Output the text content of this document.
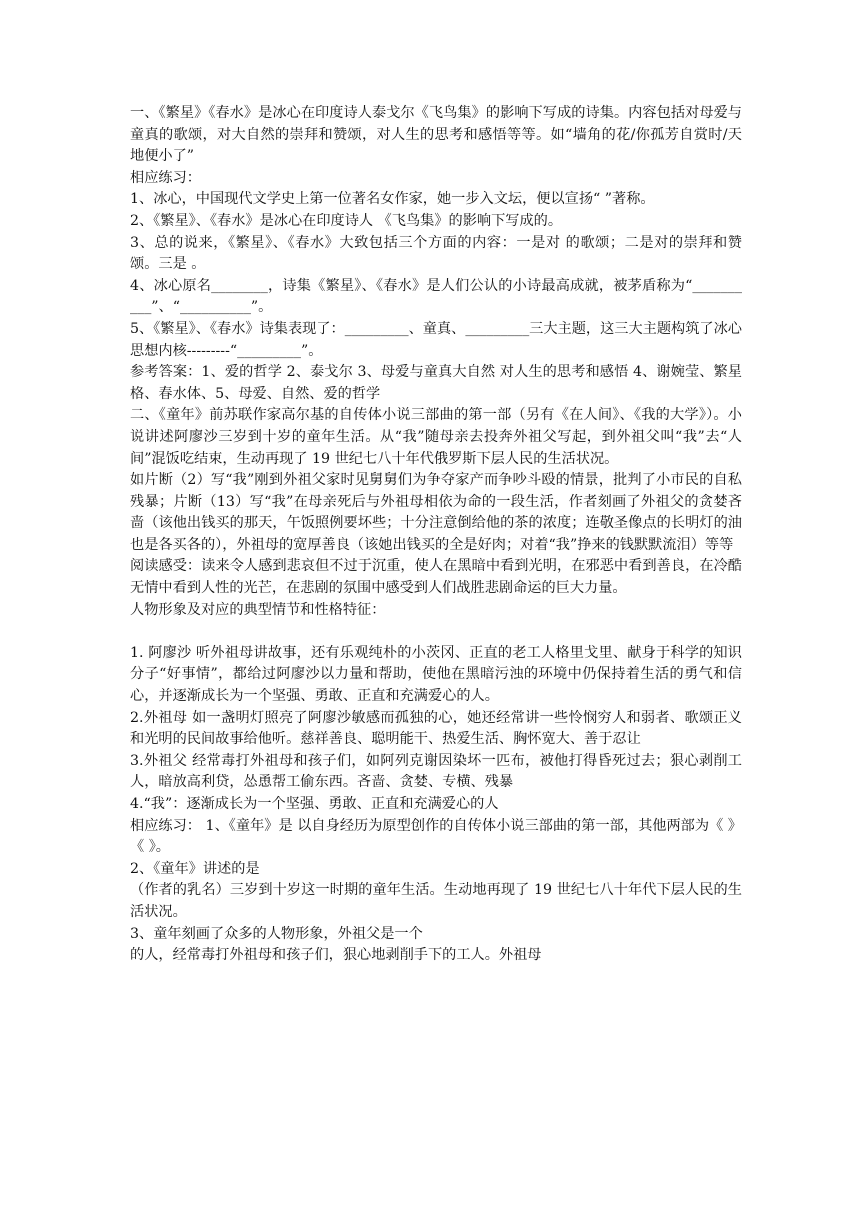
一、《繁星》《春水》是冰心在印度诗人泰戈尔《飞鸟集》的影响下写成的诗集。内容包括对母爱与童真的歌颂，对大自然的崇拜和赞颂，对人生的思考和感悟等等。如“墙角的花/你孤芳自赏时/天地便小了”

相应练习：

1、冰心，中国现代文学史上第一位著名女作家，她一步入文坛，便以宣扬“ ”著称。

2、《繁星》、《春水》是冰心在印度诗人 《飞鸟集》的影响下写成的。

3、总的说来，《繁星》、《春水》大致包括三个方面的内容：一是对 的歌颂；二是对的崇拜和赞颂。三是 。

4、冰心原名________，诗集《繁星》、《春水》是人们公认的小诗最高成就，被茅盾称为“__________”、“__________”。

5、《繁星》、《春水》诗集表现了：_________、童真、_________三大主题，这三大主题构筑了冰心思想内核---------“_________”。

参考答案：1、爱的哲学 2、泰戈尔 3、母爱与童真大自然 对人生的思考和感悟 4、谢婉莹、繁星格、春水体、5、母爱、自然、爱的哲学

二、《童年》前苏联作家高尔基的自传体小说三部曲的第一部（另有《在人间》、《我的大学》）。小说讲述阿廖沙三岁到十岁的童年生活。从“我”随母亲去投奔外祖父写起，到外祖父叫“我”去“人间”混饭吃结束，生动再现了 19 世纪七八十年代俄罗斯下层人民的生活状况。

如片断（2）写“我”刚到外祖父家时见舅舅们为争夺家产而争吵斗殴的情景，批判了小市民的自私残暴；片断（13）写“我”在母亲死后与外祖母相依为命的一段生活，作者刻画了外祖父的贪婪吝啬（该他出钱买的那天，午饭照例要坏些；十分注意倒给他的茶的浓度；连敬圣像点的长明灯的油也是各买各的），外祖母的宽厚善良（该她出钱买的全是好肉；对着“我”挣来的钱默默流泪）等等

阅读感受：读来令人感到悲哀但不过于沉重，使人在黑暗中看到光明，在邪恶中看到善良，在冷酷无情中看到人性的光芒，在悲剧的氛围中感受到人们战胜悲剧命运的巨大力量。

人物形象及对应的典型情节和性格特征：

1. 阿廖沙 听外祖母讲故事，还有乐观纯朴的小茨冈、正直的老工人格里戈里、献身于科学的知识分子“好事情”，都给过阿廖沙以力量和帮助，使他在黑暗污浊的环境中仍保持着生活的勇气和信心，并逐渐成长为一个坚强、勇敢、正直和充满爱心的人。

2.外祖母 如一盏明灯照亮了阿廖沙敏感而孤独的心，她还经常讲一些怜悯穷人和弱者、歌颂正义和光明的民间故事给他听。慈祥善良、聪明能干、热爱生活、胸怀宽大、善于忍让

3.外祖父 经常毒打外祖母和孩子们，如阿列克谢因染坏一匹布，被他打得昏死过去；狠心剥削工人，暗放高利贷，怂恿帮工偷东西。吝啬、贪婪、专横、残暴

4.“我”：逐渐成长为一个坚强、勇敢、正直和充满爱心的人

相应练习： 1、《童年》是 以自身经历为原型创作的自传体小说三部曲的第一部，其他两部为《 》《 》。

2、《童年》讲述的是

（作者的乳名）三岁到十岁这一时期的童年生活。生动地再现了 19 世纪七八十年代下层人民的生活状况。

3、童年刻画了众多的人物形象，外祖父是一个

的人，经常毒打外祖母和孩子们，狠心地剥削手下的工人。外祖母
